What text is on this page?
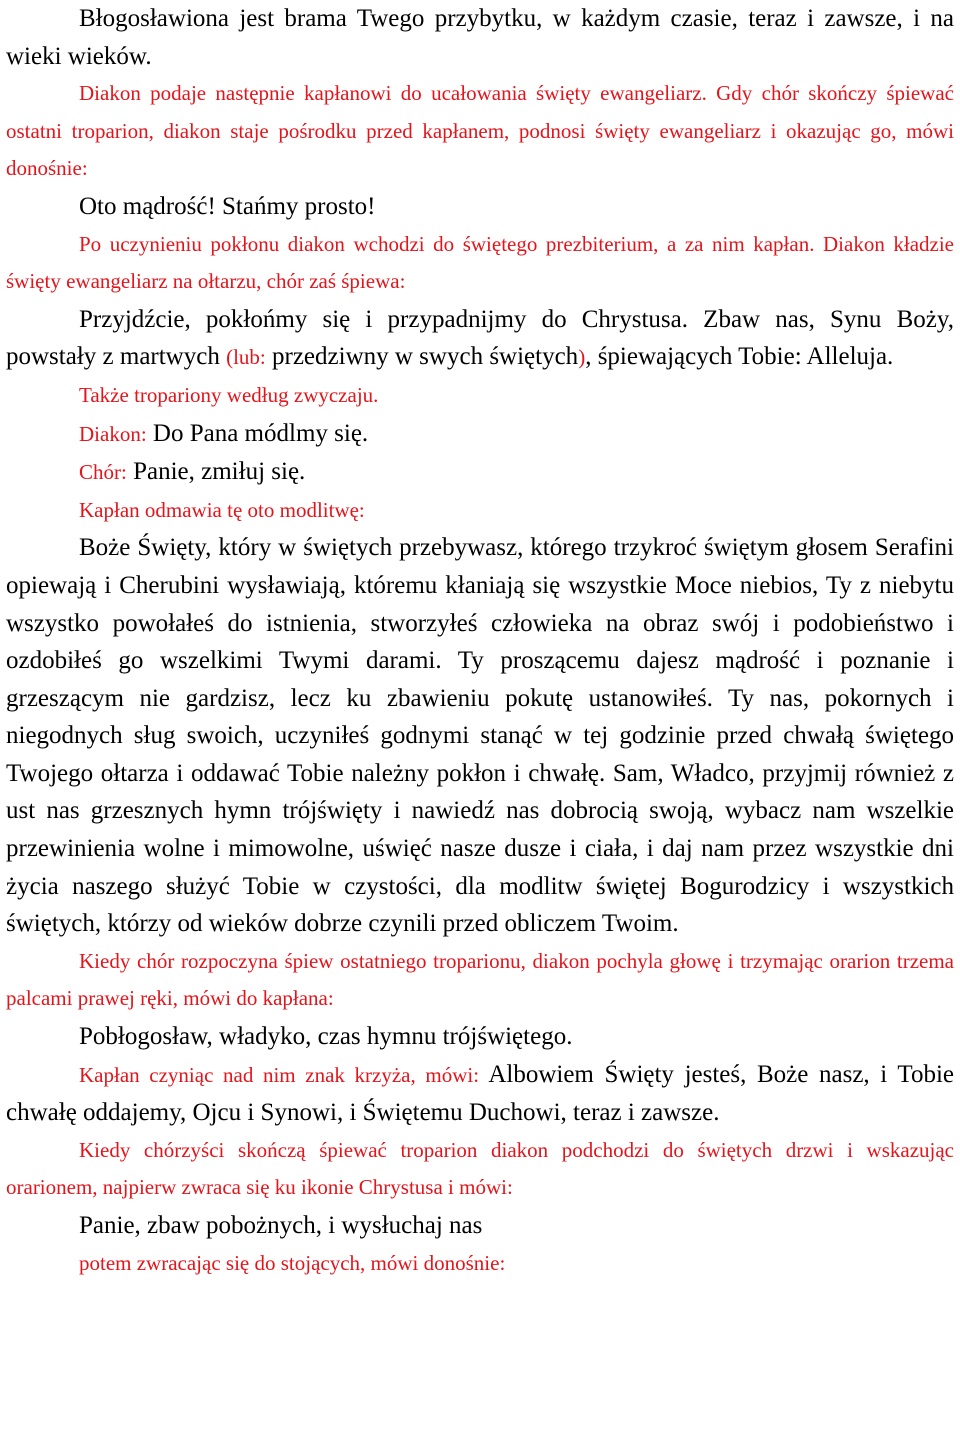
Błogosławiona jest brama Twego przybytku, w każdym czasie, teraz i zawsze, i na wieki wieków.

Diakon podaje następnie kapłanowi do ucałowania święty ewangeliarz. Gdy chór skończy śpiewać ostatni troparion, diakon staje pośrodku przed kapłanem, podnosi święty ewangeliarz i okazując go, mówi donośnie:

Oto mądrość! Stańmy prosto!

Po uczynieniu pokłonu diakon wchodzi do świętego prezbiterium, a za nim kapłan. Diakon kładzie święty ewangeliarz na ołtarzu, chór zaś śpiewa:

Przyjdźcie, pokłońmy się i przypadnijmy do Chrystusa. Zbaw nas, Synu Boży, powstały z martwych (lub: przedziwny w swych świętych), śpiewających Tobie: Alleluja.

Także tropariony według zwyczaju.

Diakon: Do Pana módlmy się.

Chór: Panie, zmiłuj się.

Kapłan odmawia tę oto modlitwę:

Boże Święty, który w świętych przebywasz, którego trzykroć świętym głosem Serafini opiewają i Cherubini wysławiają, któremu kłaniają się wszystkie Moce niebios, Ty z niebytu wszystko powołałeś do istnienia, stworzyłeś człowieka na obraz swój i podobieństwo i ozdobiłeś go wszelkimi Twymi darami. Ty proszącemu dajesz mądrość i poznanie i grzeszącym nie gardzisz, lecz ku zbawieniu pokutę ustanowiłeś. Ty nas, pokornych i niegodnych sług swoich, uczyniłeś godnymi stanąć w tej godzinie przed chwałą świętego Twojego ołtarza i oddawać Tobie należny pokłon i chwałę. Sam, Władco, przyjmij również z ust nas grzesznych hymn trójświęty i nawiedź nas dobrocią swoją, wybacz nam wszelkie przewinienia wolne i mimowolne, uświęć nasze dusze i ciała, i daj nam przez wszystkie dni życia naszego służyć Tobie w czystości, dla modlitw świętej Bogurodzicy i wszystkich świętych, którzy od wieków dobrze czynili przed obliczem Twoim.

Kiedy chór rozpoczyna śpiew ostatniego troparionu, diakon pochyla głowę i trzymając orarion trzema palcami prawej ręki, mówi do kapłana:

Pobłogosław, władyko, czas hymnu trójświętego.

Kapłan czyniąc nad nim znak krzyża, mówi: Albowiem Święty jesteś, Boże nasz, i Tobie chwałę oddajemy, Ojcu i Synowi, i Świętemu Duchowi, teraz i zawsze.

Kiedy chórzyści skończą śpiewać troparion diakon podchodzi do świętych drzwi i wskazując orarionem, najpierw zwraca się ku ikonie Chrystusa i mówi:

Panie, zbaw pobożnych, i wysłuchaj nas

potem zwracając się do stojących, mówi donośnie:
